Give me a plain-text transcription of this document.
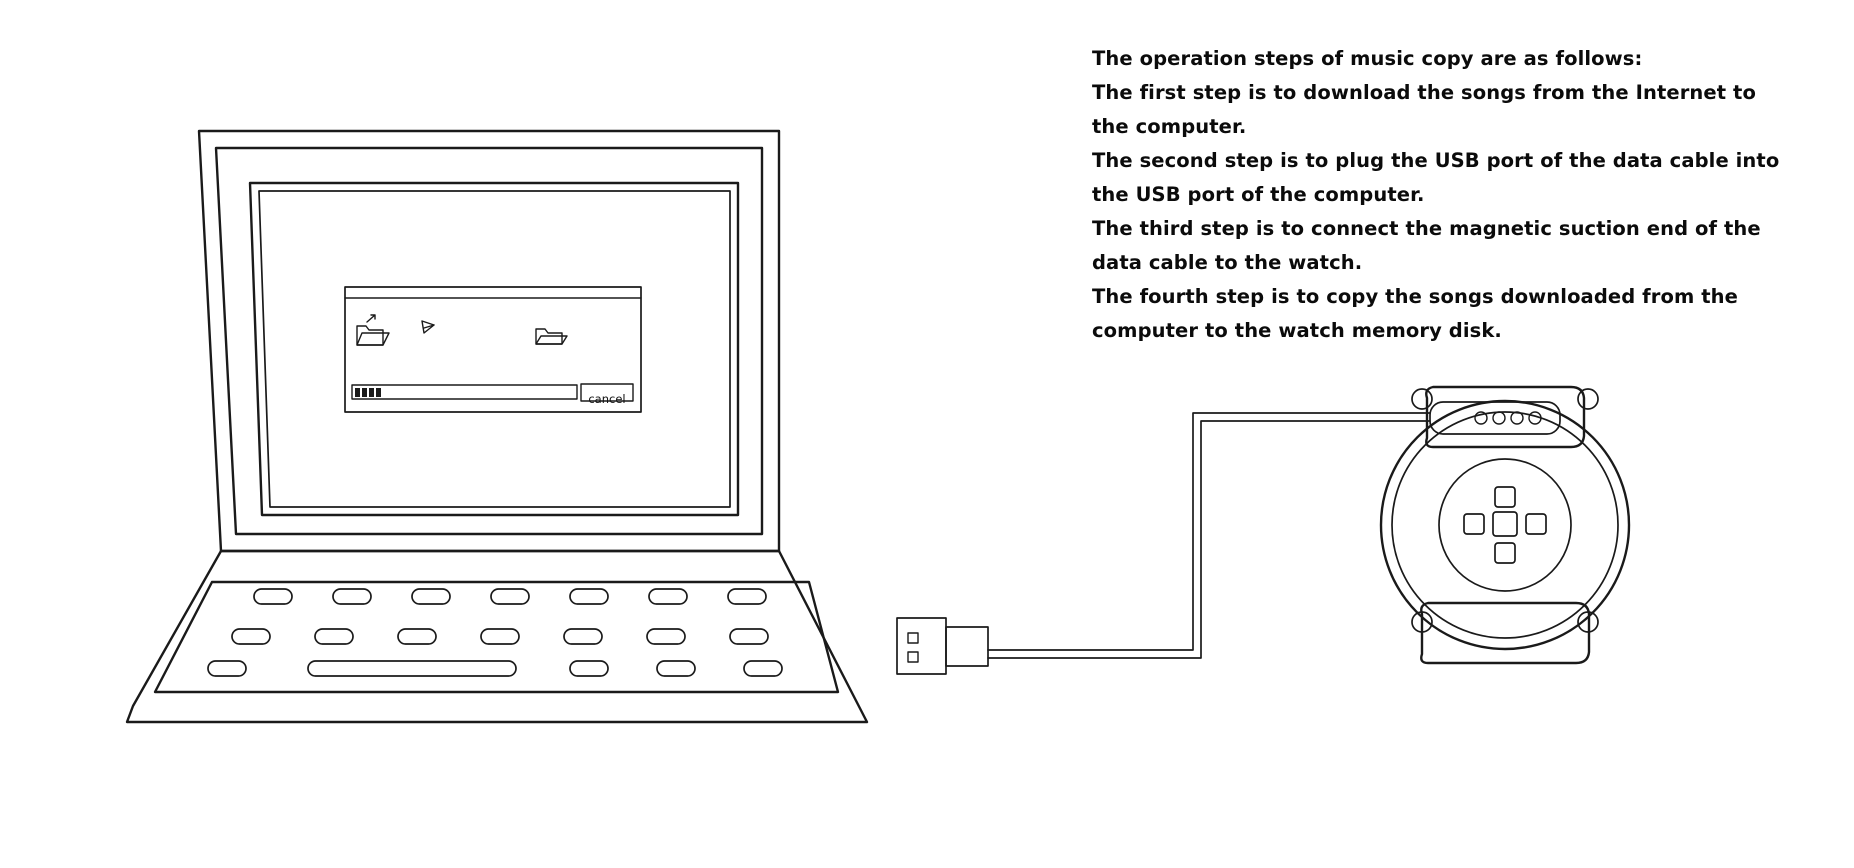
The operation steps of music copy are as follows:

The first step is to download the songs from the Internet to the computer.

The second step is to plug the USB port of the data cable into the USB port of the computer.

The third step is to connect the magnetic suction end of the data cable to the watch.

The fourth step is to copy the songs downloaded from the computer to the watch memory disk.

cancel
